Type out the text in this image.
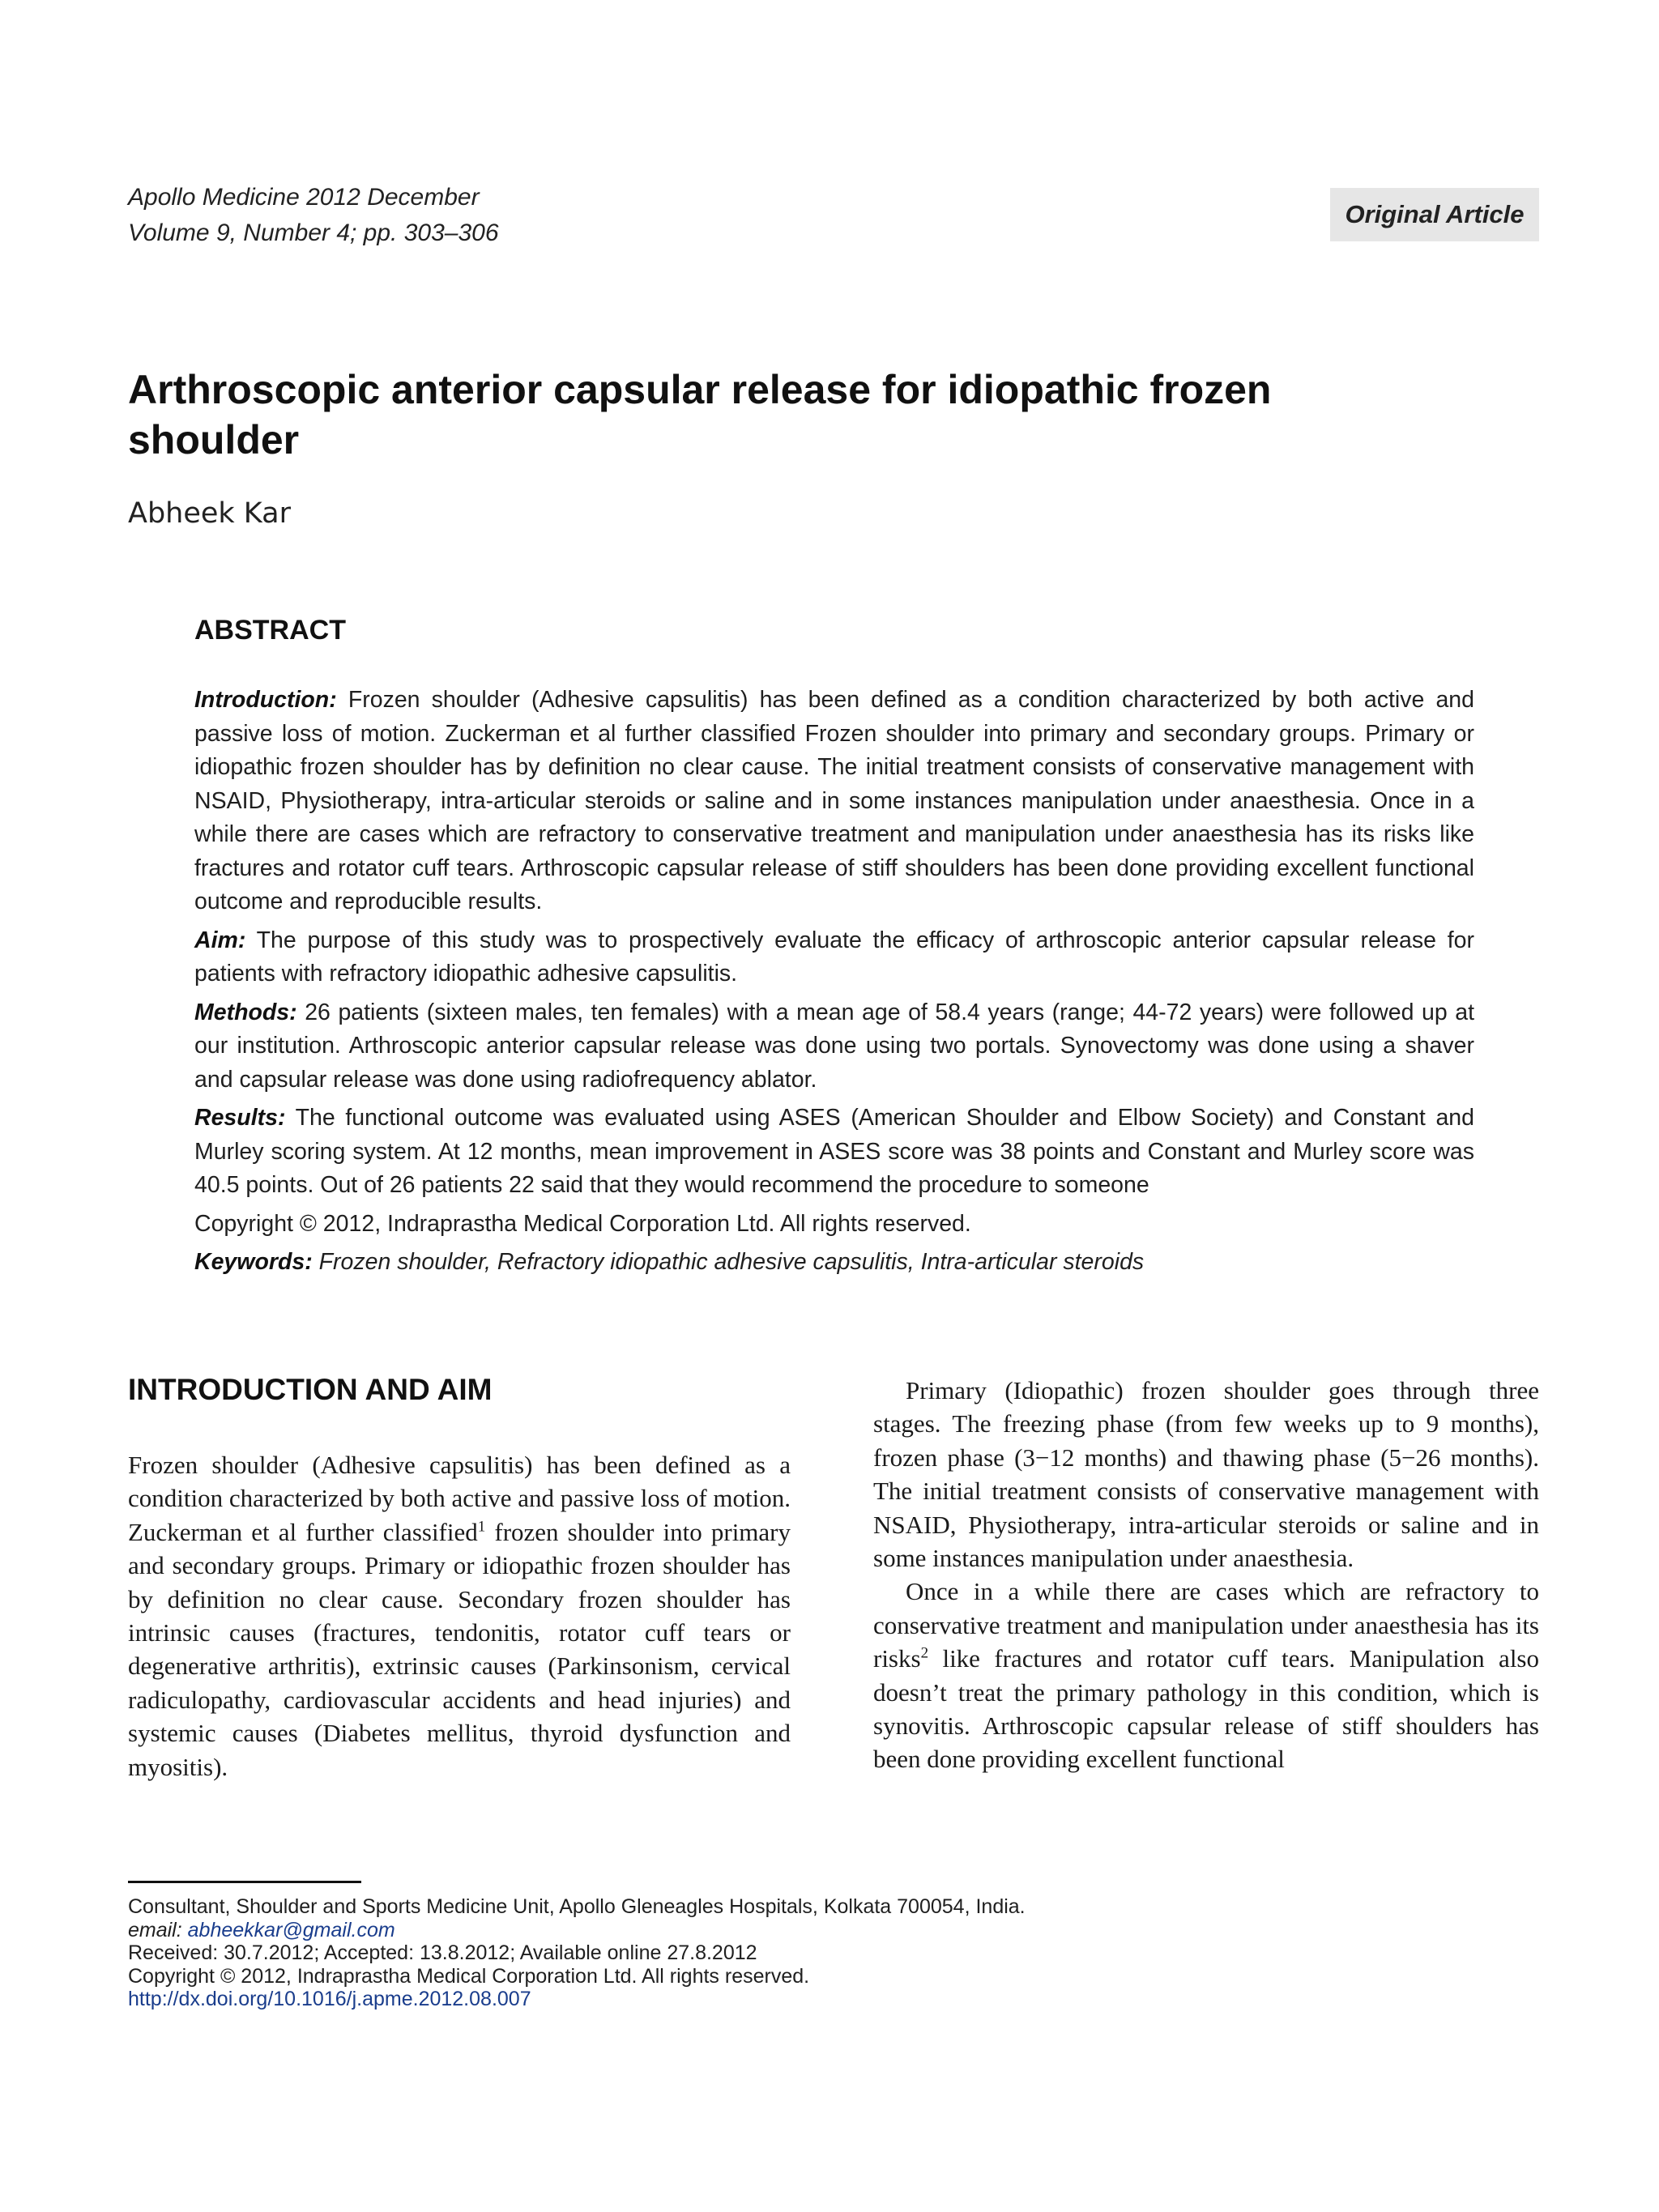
Apollo Medicine 2012 December
Volume 9, Number 4; pp. 303–306
Original Article
Arthroscopic anterior capsular release for idiopathic frozen shoulder
Abheek Kar
ABSTRACT

Introduction: Frozen shoulder (Adhesive capsulitis) has been defined as a condition characterized by both active and passive loss of motion. Zuckerman et al further classified Frozen shoulder into primary and secondary groups. Primary or idiopathic frozen shoulder has by definition no clear cause. The initial treatment consists of conservative management with NSAID, Physiotherapy, intra-articular steroids or saline and in some instances manipulation under anaesthesia. Once in a while there are cases which are refractory to conservative treatment and manipulation under anaesthesia has its risks like fractures and rotator cuff tears. Arthroscopic capsular release of stiff shoulders has been done providing excellent functional outcome and reproducible results.

Aim: The purpose of this study was to prospectively evaluate the efficacy of arthroscopic anterior capsular release for patients with refractory idiopathic adhesive capsulitis.

Methods: 26 patients (sixteen males, ten females) with a mean age of 58.4 years (range; 44-72 years) were followed up at our institution. Arthroscopic anterior capsular release was done using two portals. Synovectomy was done using a shaver and capsular release was done using radiofrequency ablator.

Results: The functional outcome was evaluated using ASES (American Shoulder and Elbow Society) and Constant and Murley scoring system. At 12 months, mean improvement in ASES score was 38 points and Constant and Murley score was 40.5 points. Out of 26 patients 22 said that they would recommend the procedure to someone

Copyright © 2012, Indraprastha Medical Corporation Ltd. All rights reserved.

Keywords: Frozen shoulder, Refractory idiopathic adhesive capsulitis, Intra-articular steroids

INTRODUCTION AND AIM

Frozen shoulder (Adhesive capsulitis) has been defined as a condition characterized by both active and passive loss of motion. Zuckerman et al further classified$^1$ frozen shoulder into primary and secondary groups. Primary or idiopathic frozen shoulder has by definition no clear cause. Secondary frozen shoulder has intrinsic causes (fractures, tendonitis, rotator cuff tears or degenerative arthritis), extrinsic causes (Parkinsonism, cervical radiculopathy, cardiovascular accidents and head injuries) and systemic causes (Diabetes mellitus, thyroid dysfunction and myositis).

Primary (Idiopathic) frozen shoulder goes through three stages. The freezing phase (from few weeks up to 9 months), frozen phase (3−12 months) and thawing phase (5−26 months). The initial treatment consists of conservative management with NSAID, Physiotherapy, intra-articular steroids or saline and in some instances manipulation under anaesthesia.

Once in a while there are cases which are refractory to conservative treatment and manipulation under anaesthesia has its risks$^2$ like fractures and rotator cuff tears. Manipulation also doesn’t treat the primary pathology in this condition, which is synovitis. Arthroscopic capsular release of stiff shoulders has been done providing excellent functional

Consultant, Shoulder and Sports Medicine Unit, Apollo Gleneagles Hospitals, Kolkata 700054, India.
email: abheekkar@gmail.com
Received: 30.7.2012; Accepted: 13.8.2012; Available online 27.8.2012
Copyright © 2012, Indraprastha Medical Corporation Ltd. All rights reserved.
http://dx.doi.org/10.1016/j.apme.2012.08.007
